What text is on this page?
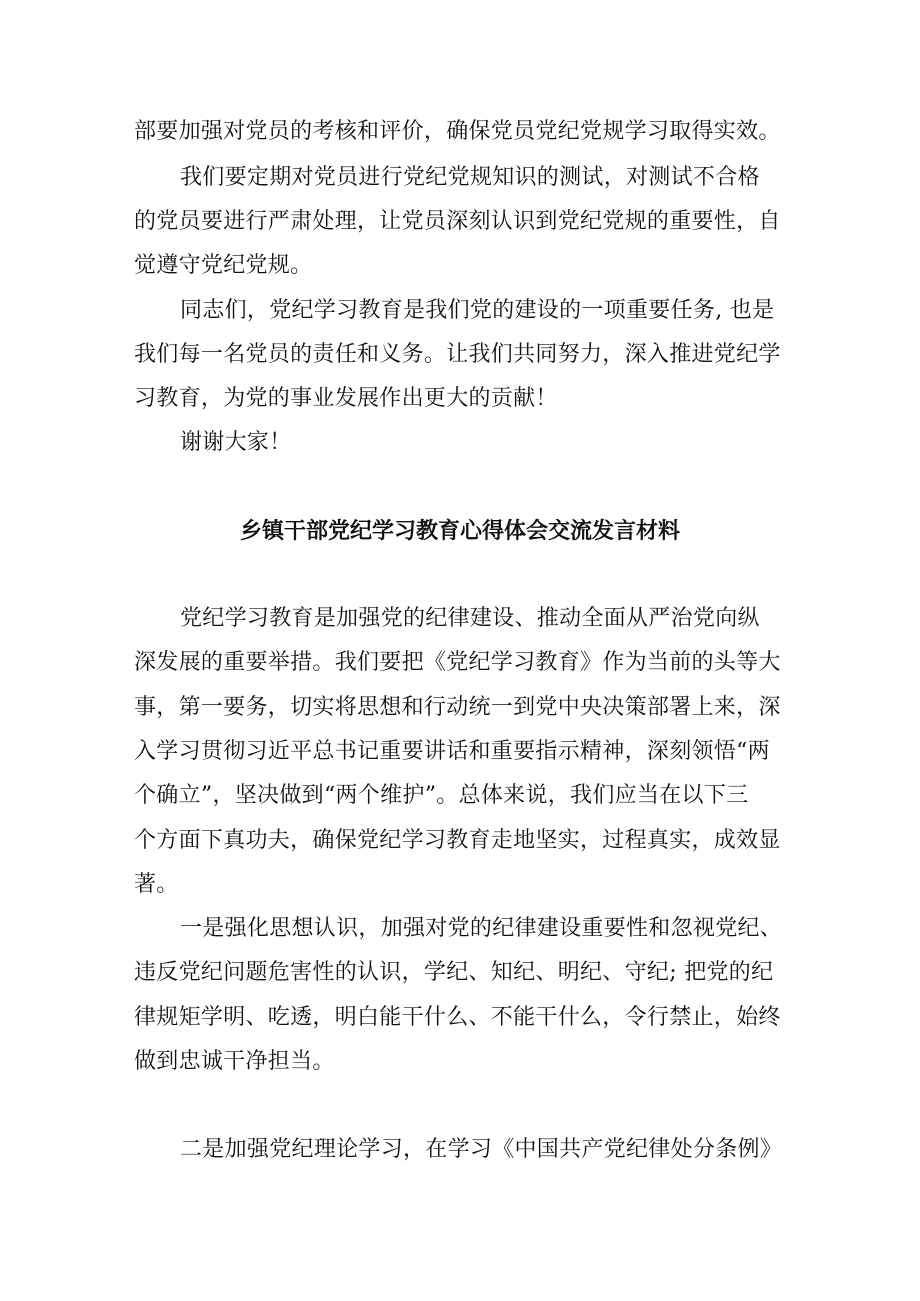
部要加强对党员的考核和评价，确保党员党纪党规学习取得实效。
我们要定期对党员进行党纪党规知识的测试，对测试不合格
的党员要进行严肃处理，让党员深刻认识到党纪党规的重要性，自
觉遵守党纪党规。
同志们，党纪学习教育是我们党的建设的一项重要任务, 也是
我们每一名党员的责任和义务。让我们共同努力，深入推进党纪学
习教育，为党的事业发展作出更大的贡献！
谢谢大家！
乡镇干部党纪学习教育心得体会交流发言材料
党纪学习教育是加强党的纪律建设、推动全面从严治党向纵
深发展的重要举措。我们要把《党纪学习教育》作为当前的头等大
事，第一要务，切实将思想和行动统一到党中央决策部署上来，深
入学习贯彻习近平总书记重要讲话和重要指示精神，深刻领悟“两
个确立”，坚决做到“两个维护”。总体来说，我们应当在以下三
个方面下真功夫，确保党纪学习教育走地坚实，过程真实，成效显
著。
一是强化思想认识，加强对党的纪律建设重要性和忽视党纪、
违反党纪问题危害性的认识，学纪、知纪、明纪、守纪; 把党的纪
律规矩学明、吃透，明白能干什么、不能干什么，令行禁止，始终
做到忠诚干净担当。
二是加强党纪理论学习，在学习《中国共产党纪律处分条例》
